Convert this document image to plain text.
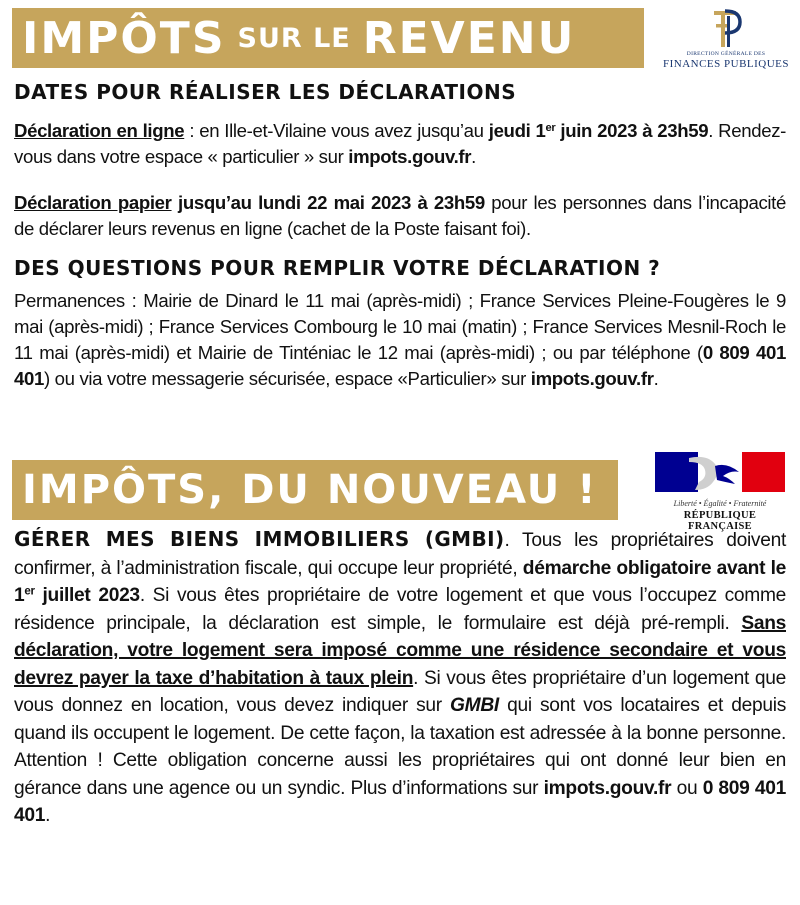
IMPÔTS SUR LE REVENU	DIRECTION GÉNÉRALE DES
FINANCES PUBLIQUES
DATES POUR RÉALISER LES DÉCLARATIONS
Déclaration en ligne : en Ille-et-Vilaine vous avez jusqu’au jeudi 1er juin 2023 à 23h59. Rendez-vous dans votre espace « particulier » sur impots.gouv.fr.
Déclaration papier jusqu’au lundi 22 mai 2023 à 23h59 pour les personnes dans l’incapacité de déclarer leurs revenus en ligne (cachet de la Poste faisant foi).
DES QUESTIONS POUR REMPLIR VOTRE DÉCLARATION ?
Permanences : Mairie de Dinard le 11 mai (après-midi) ; France Services Pleine-Fougères le 9 mai (après-midi) ; France Services Combourg le 10 mai (matin) ; France Services Mesnil-Roch le 11 mai (après-midi) et Mairie de Tinténiac le 12 mai (après-midi) ; ou par téléphone (0 809 401 401) ou via votre messagerie sécurisée, espace «Particulier» sur impots.gouv.fr.
IMPÔTS, DU NOUVEAU !	Liberté • Égalité • Fraternité
RÉPUBLIQUE FRANÇAISE
GÉRER MES BIENS IMMOBILIERS (GMBI). Tous les propriétaires doivent confirmer, à l’administration fiscale, qui occupe leur propriété, démarche obligatoire avant le 1er juillet 2023. Si vous êtes propriétaire de votre logement et que vous l’occupez comme résidence principale, la déclaration est simple, le formulaire est déjà pré-rempli. Sans déclaration, votre logement sera imposé comme une résidence secondaire et vous devrez payer la taxe d’habitation à taux plein. Si vous êtes propriétaire d’un logement que vous donnez en location, vous devez indiquer sur GMBI qui sont vos locataires et depuis quand ils occupent le logement. De cette façon, la taxation est adressée à la bonne personne. Attention ! Cette obligation concerne aussi les propriétaires qui ont donné leur bien en gérance dans une agence ou un syndic. Plus d’informations sur impots.gouv.fr ou 0 809 401 401.
